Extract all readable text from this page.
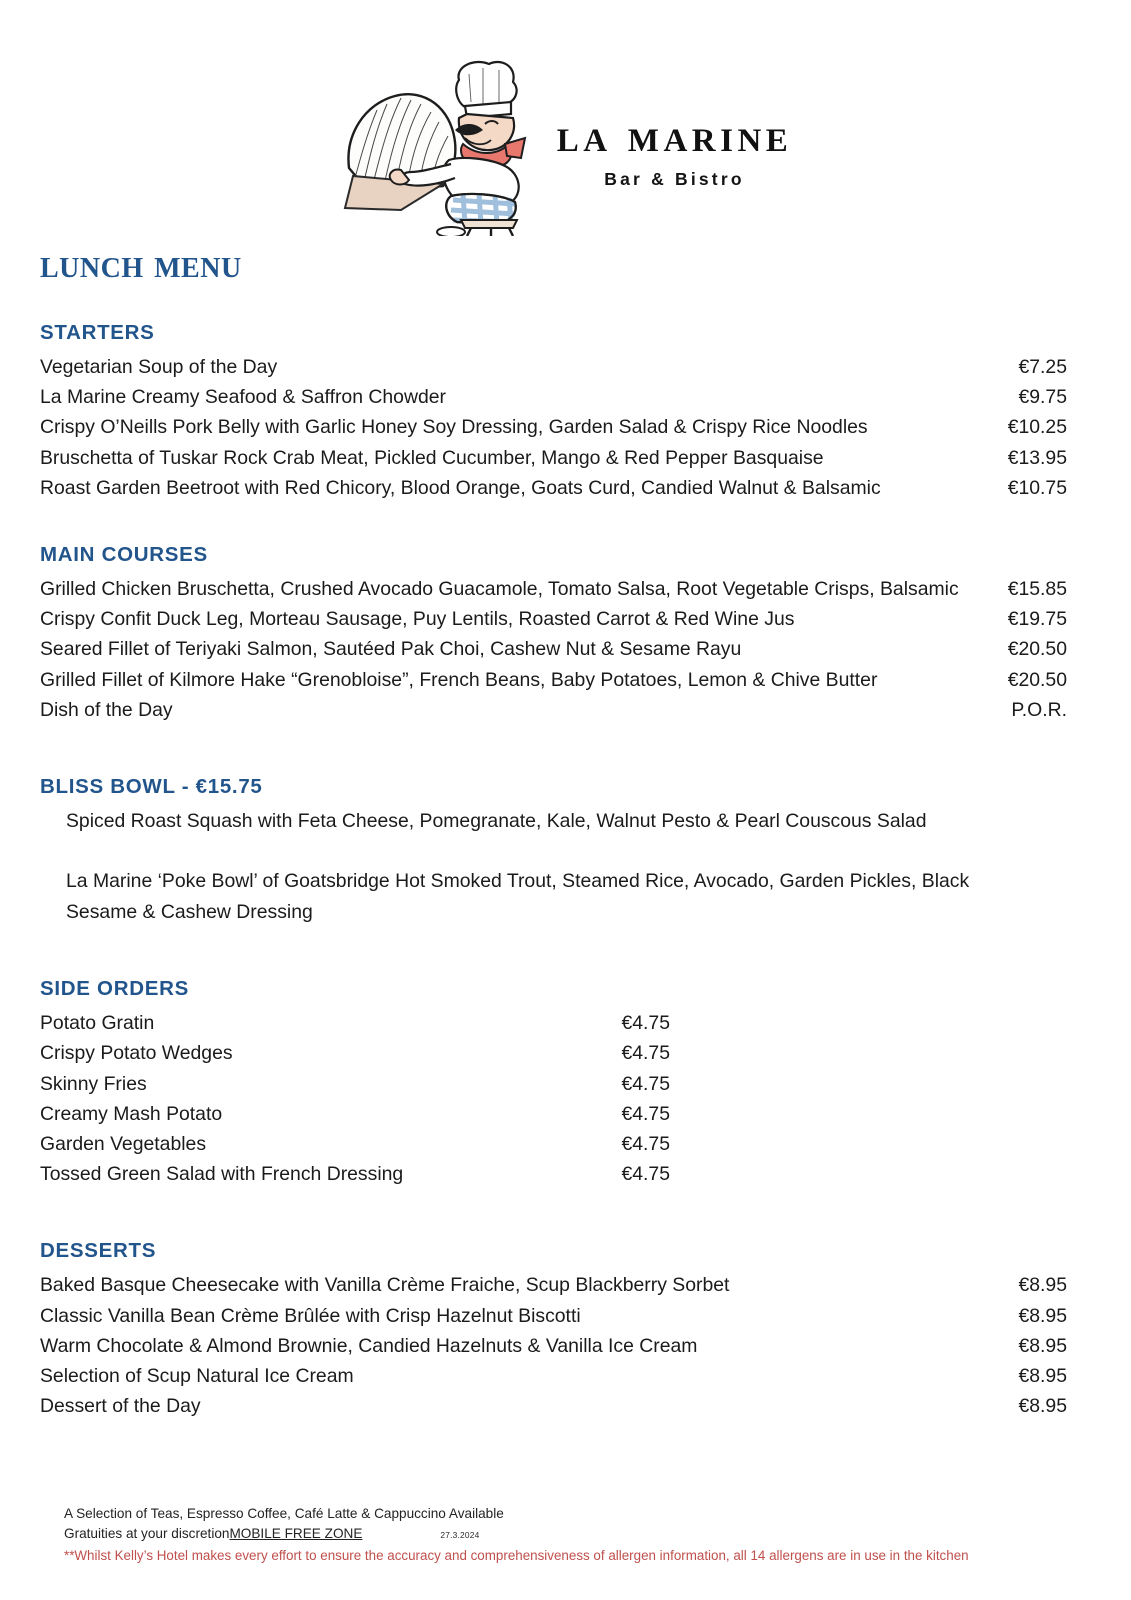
la marine
Bar & Bistro
lunch menu
STARTERS
Vegetarian Soup of the Day	€7.25
La Marine Creamy Seafood & Saffron Chowder	€9.75
Crispy O’Neills Pork Belly with Garlic Honey Soy Dressing, Garden Salad & Crispy Rice Noodles	€10.25
Bruschetta of Tuskar Rock Crab Meat, Pickled Cucumber, Mango & Red Pepper Basquaise	€13.95
Roast Garden Beetroot with Red Chicory, Blood Orange, Goats Curd, Candied Walnut & Balsamic	€10.75
MAIN COURSES
Grilled Chicken Bruschetta, Crushed Avocado Guacamole, Tomato Salsa, Root Vegetable Crisps, Balsamic	€15.85
Crispy Confit Duck Leg, Morteau Sausage, Puy Lentils, Roasted Carrot & Red Wine Jus	€19.75
Seared Fillet of Teriyaki Salmon, Sautéed Pak Choi, Cashew Nut & Sesame Rayu	€20.50
Grilled Fillet of Kilmore Hake “Grenobloise”, French Beans, Baby Potatoes, Lemon & Chive Butter	€20.50
Dish of the Day	P.O.R.
BLISS BOWL - €15.75
Spiced Roast Squash with Feta Cheese, Pomegranate, Kale, Walnut Pesto & Pearl Couscous Salad
La Marine ‘Poke Bowl’ of Goatsbridge Hot Smoked Trout, Steamed Rice, Avocado, Garden Pickles, Black Sesame & Cashew Dressing
SIDE ORDERS
Potato Gratin	€4.75
Crispy Potato Wedges	€4.75
Skinny Fries	€4.75
Creamy Mash Potato	€4.75
Garden Vegetables	€4.75
Tossed Green Salad with French Dressing	€4.75
DESSERTS
Baked Basque Cheesecake with Vanilla Crème Fraiche, Scup Blackberry Sorbet	€8.95
Classic Vanilla Bean Crème Brûlée with Crisp Hazelnut Biscotti	€8.95
Warm Chocolate & Almond Brownie, Candied Hazelnuts & Vanilla Ice Cream	€8.95
Selection of Scup Natural Ice Cream	€8.95
Dessert of the Day	€8.95
A Selection of Teas, Espresso Coffee, Café Latte & Cappuccino Available
Gratuities at your discretion MOBILE FREE ZONE	27.3.2024
**Whilst Kelly’s Hotel makes every effort to ensure the accuracy and comprehensiveness of allergen information, all 14 allergens are in use in the kitchen
